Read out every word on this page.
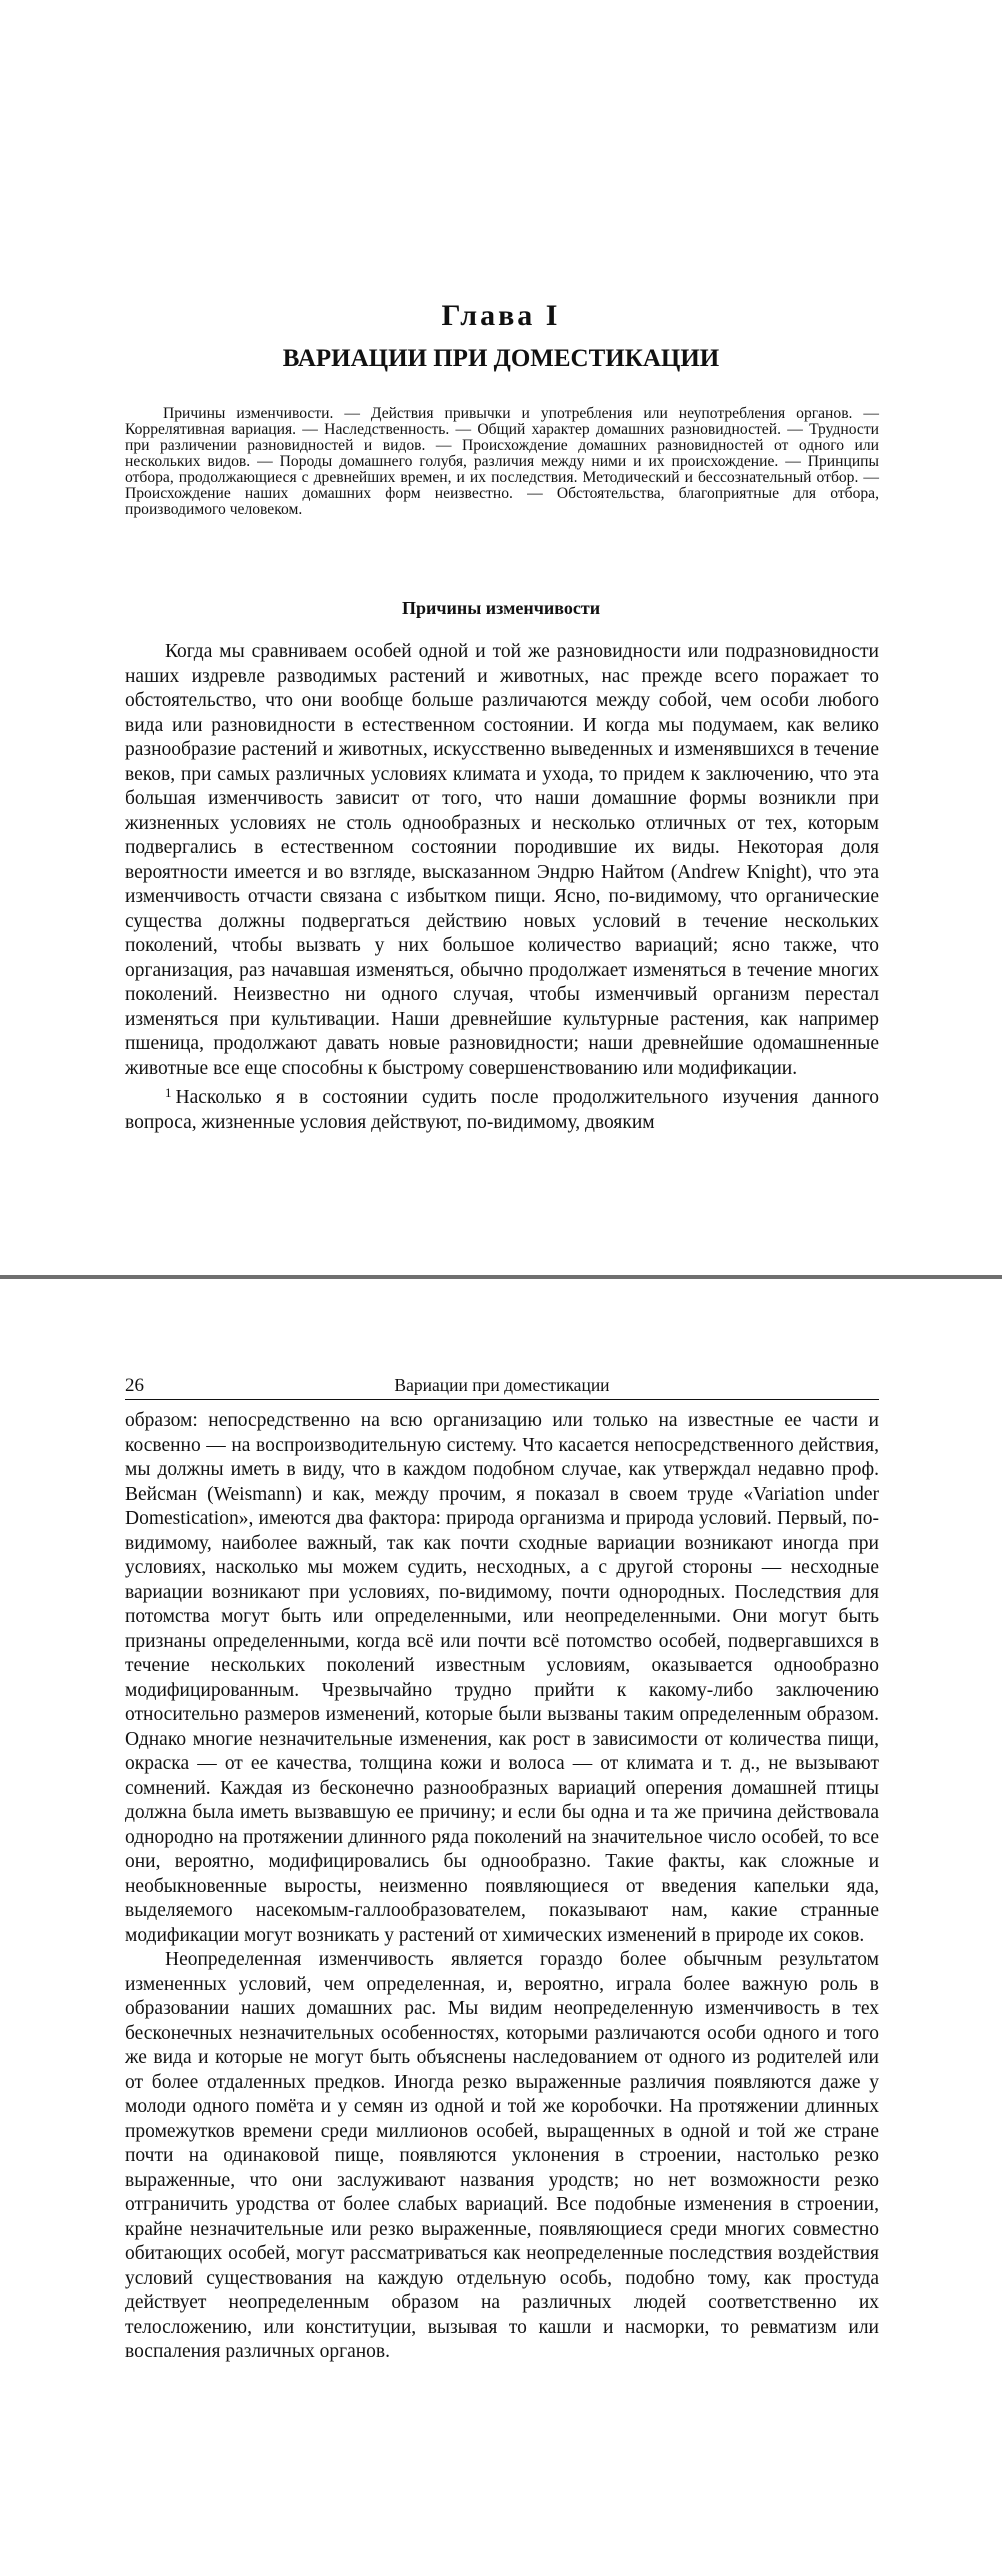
Глава I
ВАРИАЦИИ ПРИ ДОМЕСТИКАЦИИ

Причины изменчивости. — Действия привычки и употребления или неупотребления органов. — Коррелятивная вариация. — Наследственность. — Общий характер домашних разновидностей. — Трудности при различении разновидностей и видов. — Происхождение домашних разновидностей от одного или нескольких видов. — Породы домашнего голубя, различия между ними и их происхождение. — Принципы отбора, продолжающиеся с древнейших времен, и их последствия. Методический и бессознательный отбор. — Происхождение наших домашних форм неизвестно. — Обстоятельства, благоприятные для отбора, производимого человеком.

Причины изменчивости

Когда мы сравниваем особей одной и той же разновидности или подразновидности наших издревле разводимых растений и животных, нас прежде всего поражает то обстоятельство, что они вообще больше различаются между собой, чем особи любого вида или разновидности в естественном состоянии. И когда мы подумаем, как велико разнообразие растений и животных, искусственно выведенных и изменявшихся в течение веков, при самых различных условиях климата и ухода, то придем к заключению, что эта большая изменчивость зависит от того, что наши домашние формы возникли при жизненных условиях не столь однообразных и несколько отличных от тех, которым подвергались в естественном состоянии породившие их виды. Некоторая доля вероятности имеется и во взгляде, высказанном Эндрю Найтом (Andrew Knight), что эта изменчивость отчасти связана с избытком пищи. Ясно, по-видимому, что органические существа должны подвергаться действию новых условий в течение нескольких поколений, чтобы вызвать у них большое количество вариаций; ясно также, что организация, раз начавшая изменяться, обычно продолжает изменяться в течение многих поколений. Неизвестно ни одного случая, чтобы изменчивый организм перестал изменяться при культивации. Наши древнейшие культурные растения, как например пшеница, продолжают давать новые разновидности; наши древнейшие одомашненные животные все еще способны к быстрому совершенствованию или модификации.

$^1$ Насколько я в состоянии судить после продолжительного изучения данного вопроса, жизненные условия действуют, по-видимому, двояким

26	Вариации при доместикации

образом: непосредственно на всю организацию или только на известные ее части и косвенно — на воспроизводительную систему. Что касается непосредственного действия, мы должны иметь в виду, что в каждом подобном случае, как утверждал недавно проф. Вейсман (Weismann) и как, между прочим, я показал в своем труде «Variation under Domestication», имеются два фактора: природа организма и природа условий. Первый, по-видимому, наиболее важный, так как почти сходные вариации возникают иногда при условиях, насколько мы можем судить, несходных, а с другой стороны — несходные вариации возникают при условиях, по-видимому, почти однородных. Последствия для потомства могут быть или определенными, или неопределенными. Они могут быть признаны определенными, когда всё или почти всё потомство особей, подвергавшихся в течение нескольких поколений известным условиям, оказывается однообразно модифицированным. Чрезвычайно трудно прийти к какому-либо заключению относительно размеров изменений, которые были вызваны таким определенным образом. Однако многие незначительные изменения, как рост в зависимости от количества пищи, окраска — от ее качества, толщина кожи и волоса — от климата и т. д., не вызывают сомнений. Каждая из бесконечно разнообразных вариаций оперения домашней птицы должна была иметь вызвавшую ее причину; и если бы одна и та же причина действовала однородно на протяжении длинного ряда поколений на значительное число особей, то все они, вероятно, модифицировались бы однообразно. Такие факты, как сложные и необыкновенные выросты, неизменно появляющиеся от введения капельки яда, выделяемого насекомым-галлообразователем, показывают нам, какие странные модификации могут возникать у растений от химических изменений в природе их соков.

Неопределенная изменчивость является гораздо более обычным результатом измененных условий, чем определенная, и, вероятно, играла более важную роль в образовании наших домашних рас. Мы видим неопределенную изменчивость в тех бесконечных незначительных особенностях, которыми различаются особи одного и того же вида и которые не могут быть объяснены наследованием от одного из родителей или от более отдаленных предков. Иногда резко выраженные различия появляются даже у молоди одного помёта и у семян из одной и той же коробочки. На протяжении длинных промежутков времени среди миллионов особей, выращенных в одной и той же стране почти на одинаковой пище, появляются уклонения в строении, настолько резко выраженные, что они заслуживают названия уродств; но нет возможности резко отграничить уродства от более слабых вариаций. Все подобные изменения в строении, крайне незначительные или резко выраженные, появляющиеся среди многих совместно обитающих особей, могут рассматриваться как неопределенные последствия воздействия условий существования на каждую отдельную особь, подобно тому, как простуда действует неопределенным образом на различных людей соответственно их телосложению, или конституции, вызывая то кашли и насморки, то ревматизм или воспаления различных органов.
